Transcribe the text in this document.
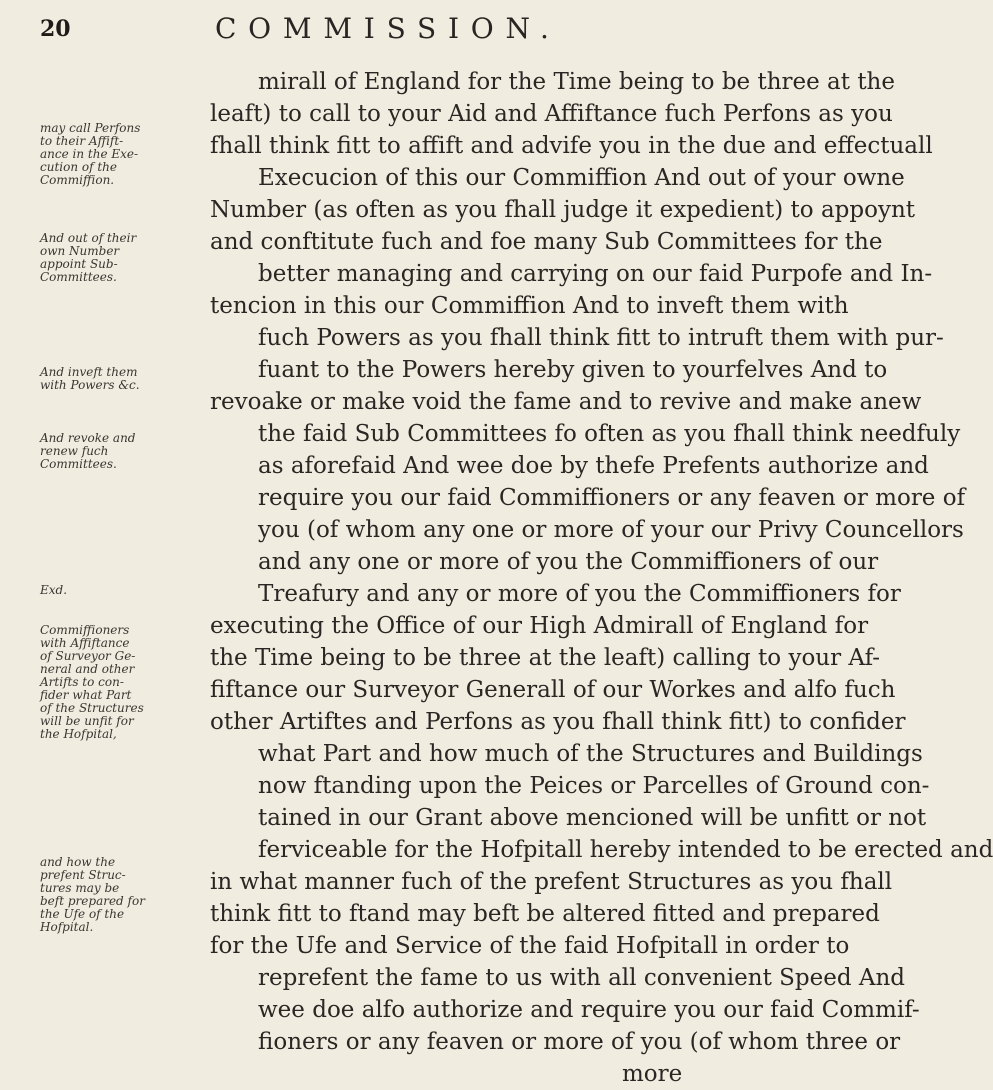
20	COMMISSION.
may call Perfons
to their Affift-
ance in the Exe-
cution of the
Commiffion.
And out of their
own Number
appoint Sub-
Committees.
And inveft them
with Powers &c.
And revoke and
renew fuch
Committees.
Exd.
Commiffioners
with Affiftance
of Surveyor Ge-
neral and other
Artifts to con-
fider what Part
of the Structures
will be unfit for
the Hofpital,
and how the
prefent Struc-
tures may be
beft prepared for
the Ufe of the
Hofpital.
mirall of England for the Time being to be three at the
leaft) to call to your Aid and Affiftance fuch Perfons as you
fhall think fitt to affift and advife you in the due and effectuall
Execucion of this our Commiffion And out of your owne
Number (as often as you fhall judge it expedient) to appoynt
and conftitute fuch and foe many Sub Committees for the
better managing and carrying on our faid Purpofe and In-
tencion in this our Commiffion And to inveft them with
fuch Powers as you fhall think fitt to intruft them with pur-
fuant to the Powers hereby given to yourfelves And to
revoake or make void the fame and to revive and make anew
the faid Sub Committees fo often as you fhall think needfuly
as aforefaid And wee doe by thefe Prefents authorize and
require you our faid Commiffioners or any feaven or more of
you (of whom any one or more of your our Privy Councellors
and any one or more of you the Commiffioners of our
Treafury and any or more of you the Commiffioners for
executing the Office of our High Admirall of England for
the Time being to be three at the leaft) calling to your Af-
fiftance our Surveyor Generall of our Workes and alfo fuch
other Artiftes and Perfons as you fhall think fitt) to confider
what Part and how much of the Structures and Buildings
now ftanding upon the Peices or Parcelles of Ground con-
tained in our Grant above mencioned will be unfitt or not
ferviceable for the Hofpitall hereby intended to be erected and
in what manner fuch of the prefent Structures as you fhall
think fitt to ftand may beft be altered fitted and prepared
for the Ufe and Service of the faid Hofpitall in order to
reprefent the fame to us with all convenient Speed And
wee doe alfo authorize and require you our faid Commif-
fioners or any feaven or more of you (of whom three or
more
